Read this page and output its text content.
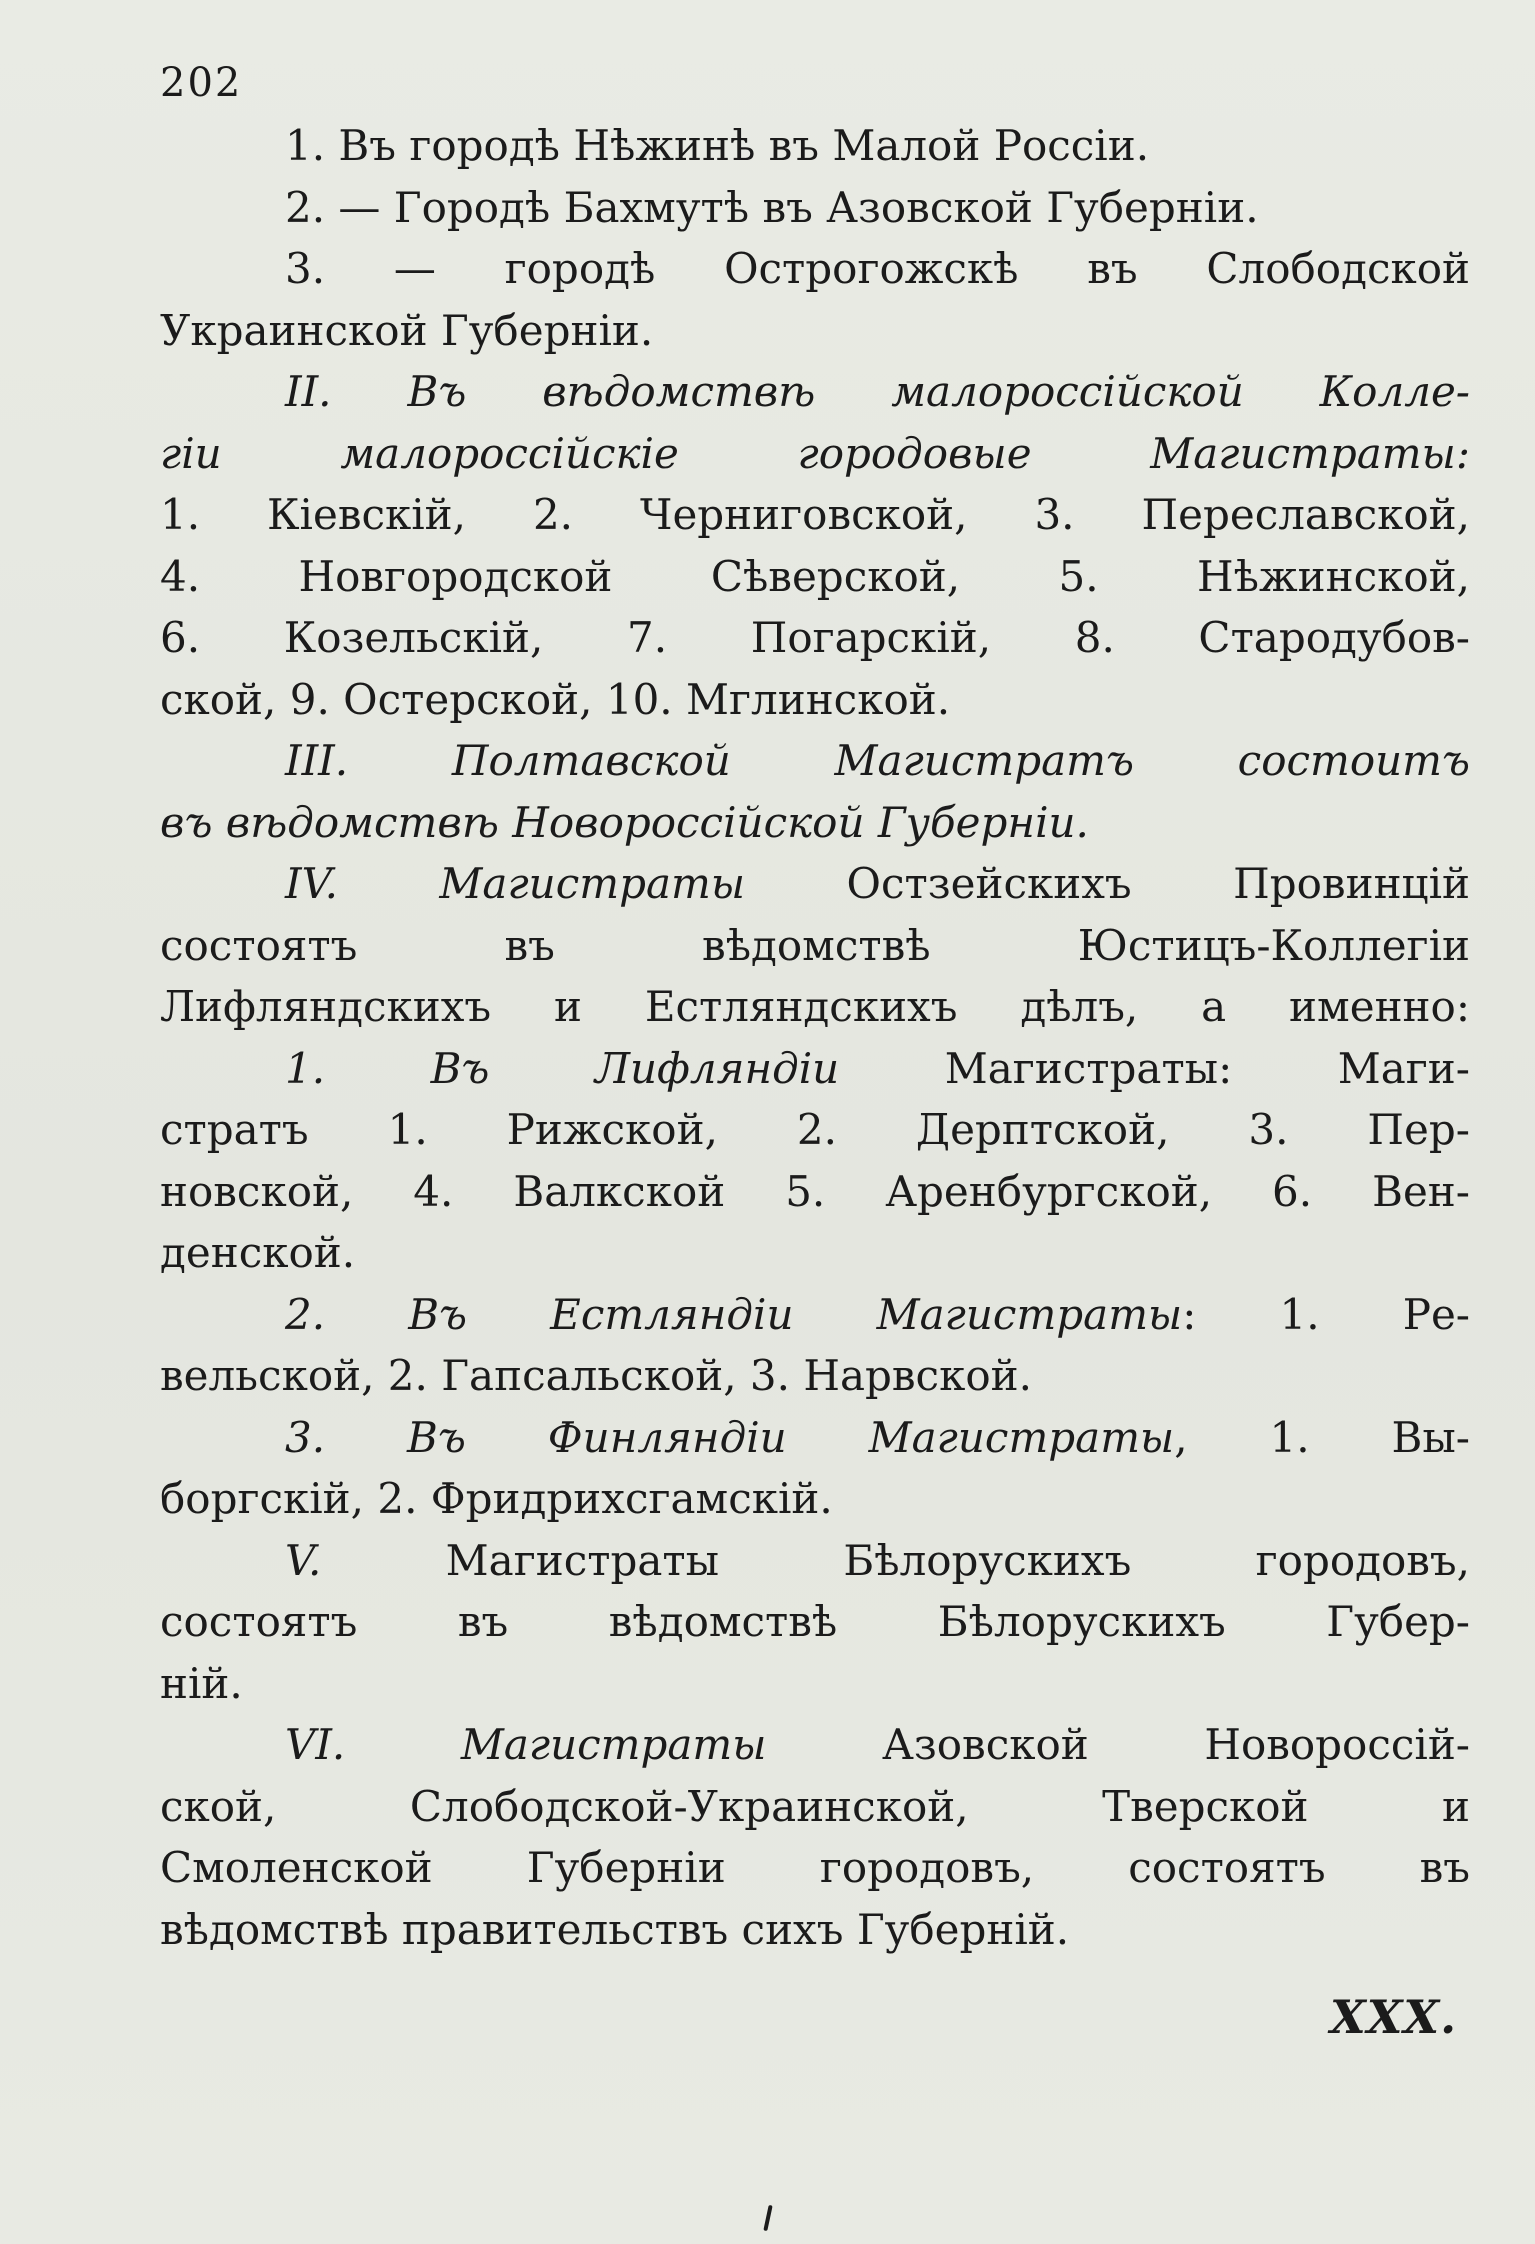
202
1. Въ городѣ Нѣжинѣ въ Малой Россіи.
2. — Городѣ Бахмутѣ въ Азовской Губерніи.
3. — городѣ Острогожскѣ въ Слободской
Украинской Губерніи.
II. Въ вѣдомствѣ малороссійской Колле-
гіи малороссійскіе городовые Магистраты:
1. Кіевскій, 2. Черниговской, 3. Переславской,
4. Новгородской Сѣверской, 5. Нѣжинской,
6. Козельскій, 7. Погарскій, 8. Стародубов-
ской, 9. Остерской, 10. Мглинской.
III. Полтавской Магистратъ состоитъ
въ вѣдомствѣ Новороссійской Губерніи.
IV. Магистраты Остзейскихъ Провинцій
состоятъ въ вѣдомствѣ Юстицъ-Коллегіи
Лифляндскихъ и Естляндскихъ дѣлъ, а именно:
1. Въ Лифляндіи Магистраты: Маги-
стратъ 1. Рижской, 2. Дерптской, 3. Пер-
новской, 4. Валкской 5. Аренбургской, 6. Вен-
денской.
2. Въ Естляндіи Магистраты: 1. Ре-
вельской, 2. Гапсальской, 3. Нарвской.
3. Въ Финляндіи Магистраты, 1. Вы-
боргскій, 2. Фридрихсгамскій.
V. Магистраты Бѣлорускихъ городовъ,
состоятъ въ вѣдомствѣ Бѣлорускихъ Губер-
ній.
VI. Магистраты Азовской Новороссій-
ской, Слободской-Украинской, Тверской и
Смоленской Губерніи городовъ, состоятъ въ
вѣдомствѣ правительствъ сихъ Губерній.
XXX.
